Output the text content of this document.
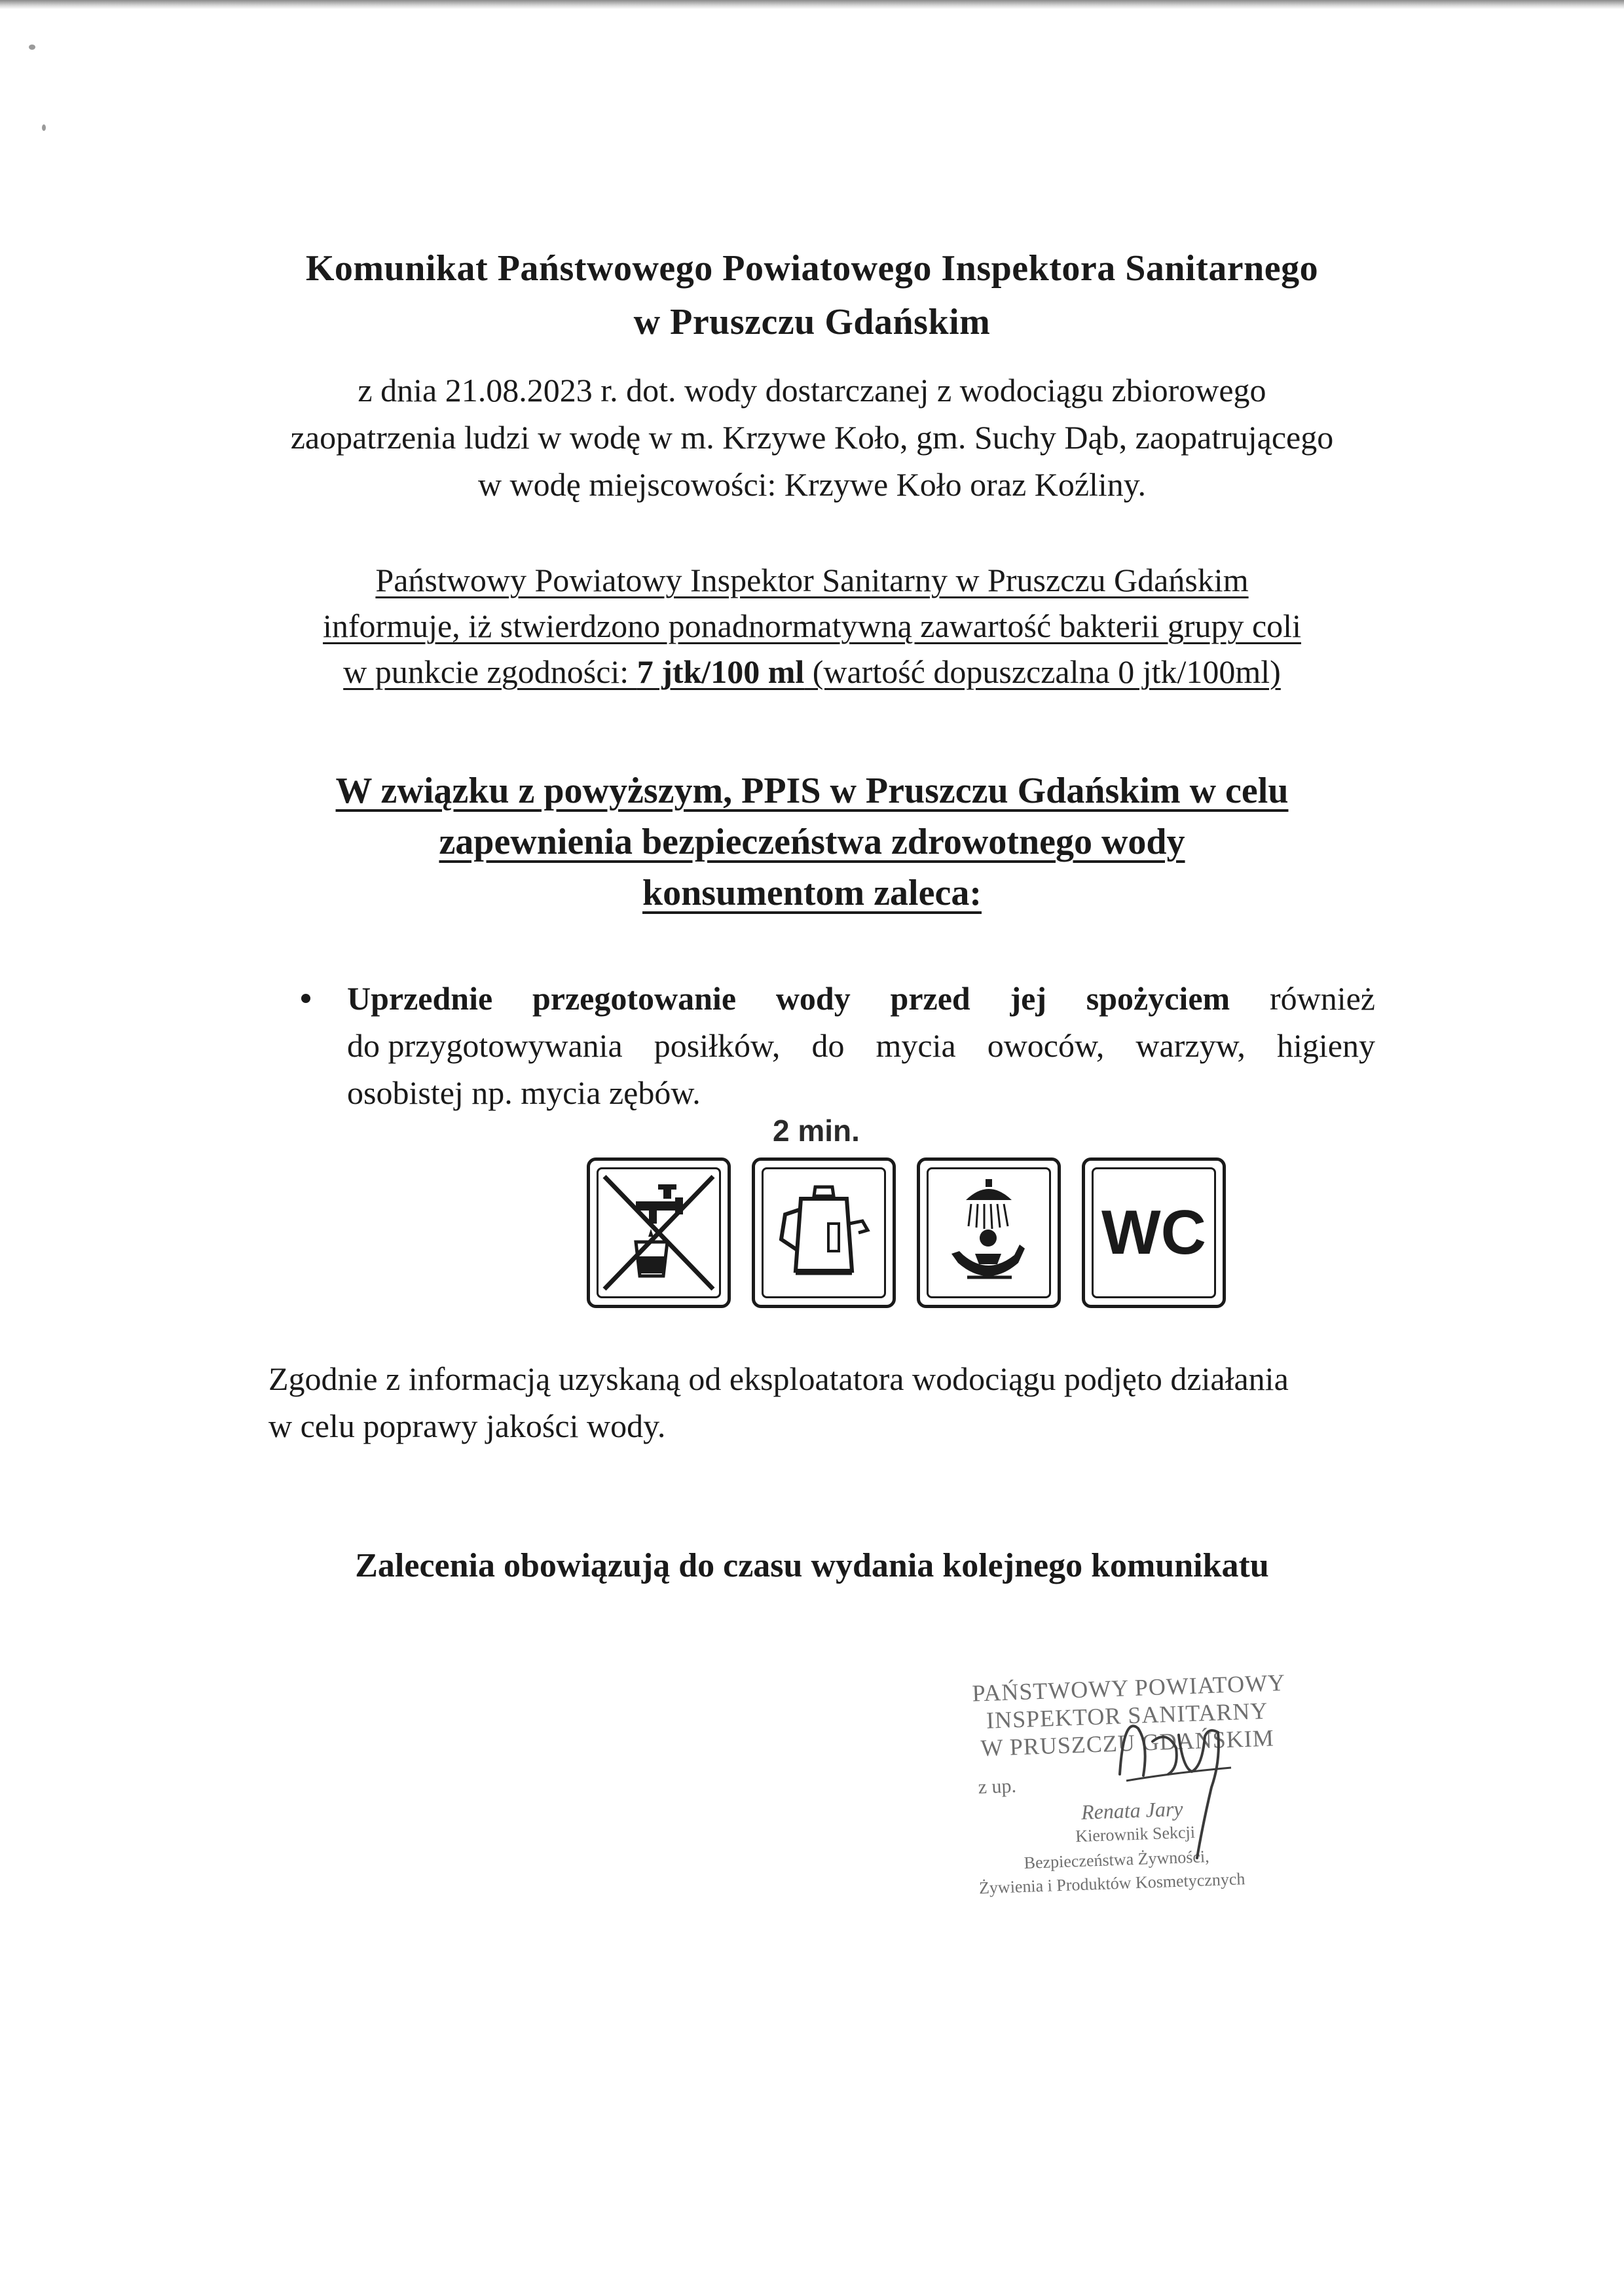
Komunikat Państwowego Powiatowego Inspektora Sanitarnego
w Pruszczu Gdańskim
z dnia 21.08.2023 r. dot. wody dostarczanej z wodociągu zbiorowego
zaopatrzenia ludzi w wodę w m. Krzywe Koło, gm. Suchy Dąb, zaopatrującego
w wodę miejscowości: Krzywe Koło oraz Koźliny.
Państwowy Powiatowy Inspektor Sanitarny w Pruszczu Gdańskim
informuje, iż stwierdzono ponadnormatywną zawartość bakterii grupy coli
w punkcie zgodności: 7 jtk/100 ml (wartość dopuszczalna 0 jtk/100ml)
W związku z powyższym, PPIS w Pruszczu Gdańskim w celu
zapewnienia bezpieczeństwa zdrowotnego wody
konsumentom zaleca:
Uprzednie przegotowanie wody przed jej spożyciem również
do przygotowywania posiłków, do mycia owoców, warzyw, higieny
osobistej np. mycia zębów.
2 min.
WC
Zgodnie z informacją uzyskaną od eksploatatora wodociągu podjęto działania
w celu poprawy jakości wody.
Zalecenia obowiązują do czasu wydania kolejnego komunikatu
PAŃSTWOWY POWIATOWY
INSPEKTOR SANITARNY
W PRUSZCZU GDAŃSKIM
z up.
Renata Jary
Kierownik Sekcji
Bezpieczeństwa Żywności,
Żywienia i Produktów Kosmetycznych
